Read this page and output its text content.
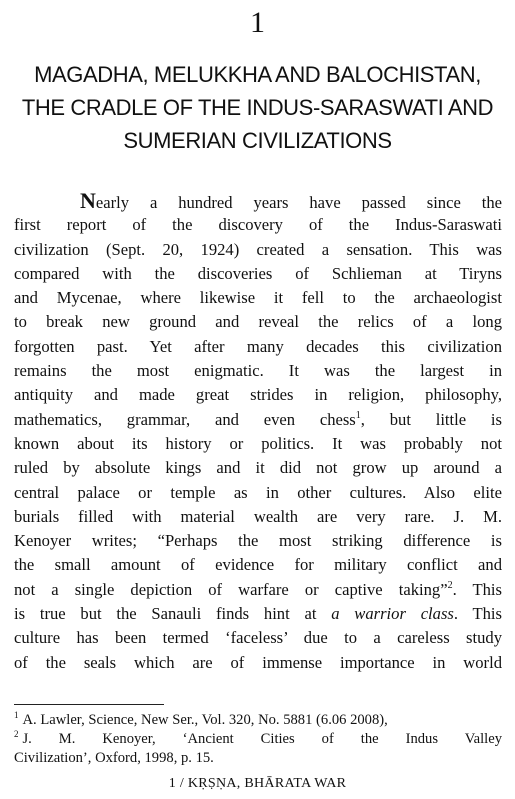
1
MAGADHA, MELUKKHA AND BALOCHISTAN,
THE CRADLE OF THE INDUS-SARASWATI AND
SUMERIAN CIVILIZATIONS
Nearly a hundred years have passed since the
first report of the discovery of the Indus-Saraswati
civilization (Sept. 20, 1924) created a sensation. This was
compared with the discoveries of Schlieman at Tiryns
and Mycenae, where likewise it fell to the archaeologist
to break new ground and reveal the relics of a long
forgotten past. Yet after many decades this civilization
remains the most enigmatic. It was the largest in
antiquity and made great strides in religion, philosophy,
mathematics, grammar, and even chess$^1$, but little is
known about its history or politics. It was probably not
ruled by absolute kings and it did not grow up around a
central palace or temple as in other cultures. Also elite
burials filled with material wealth are very rare. J. M.
Kenoyer writes; “Perhaps the most striking difference is
the small amount of evidence for military conflict and
not a single depiction of warfare or captive taking”$^2$. This
is true but the Sanauli finds hint at a warrior class. This
culture has been termed ‘faceless’ due to a careless study
of the seals which are of immense importance in world
$^1$ A. Lawler, Science, New Ser., Vol. 320, No. 5881 (6.06 2008),
$^2$ J. M. Kenoyer, ‘Ancient Cities of the Indus Valley
Civilization’, Oxford, 1998, p. 15.
1 / KṚṢṆA, BHĀRATA WAR
